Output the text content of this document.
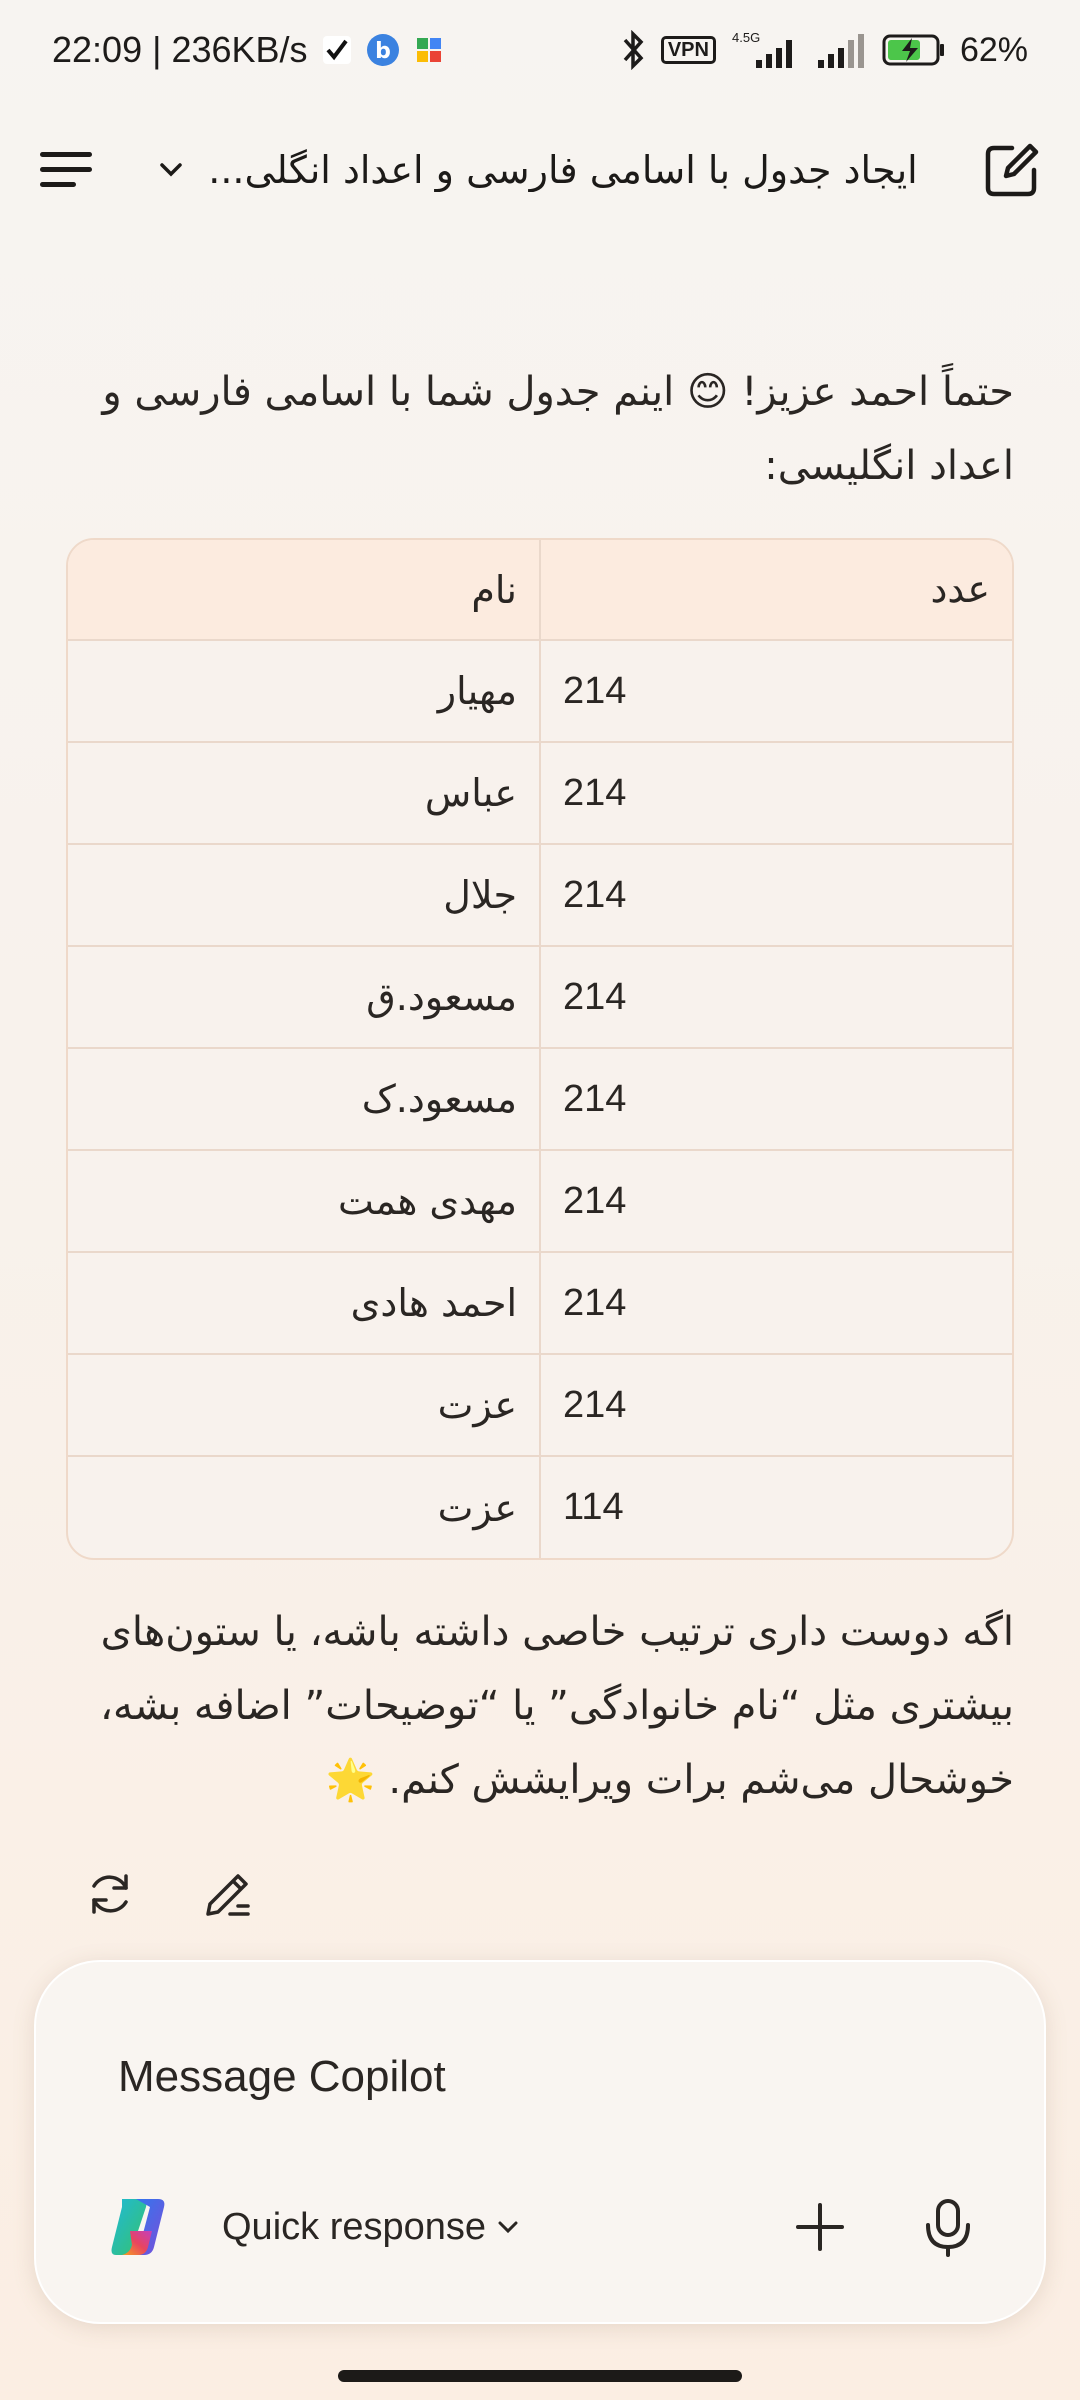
22:09 | 236KB/s	b	VPN
4.5G	62%
ایجاد جدول با اسامی فارسی و اعداد انگلی...
حتماً احمد عزیز! 😊 اینم جدول شما با اسامی فارسی و اعداد انگلیسی:
نام	عدد
مهیار	214
عباس	214
جلال	214
مسعود.ق	214
مسعود.ک	214
مهدی همت	214
احمد هادی	214
عزت	214
عزت	114
اگه دوست داری ترتیب خاصی داشته باشه، یا ستون‌های بیشتری مثل “نام خانوادگی” یا “توضیحات” اضافه بشه، خوشحال می‌شم برات ویرایشش کنم. 🌟
Message Copilot
Quick response
